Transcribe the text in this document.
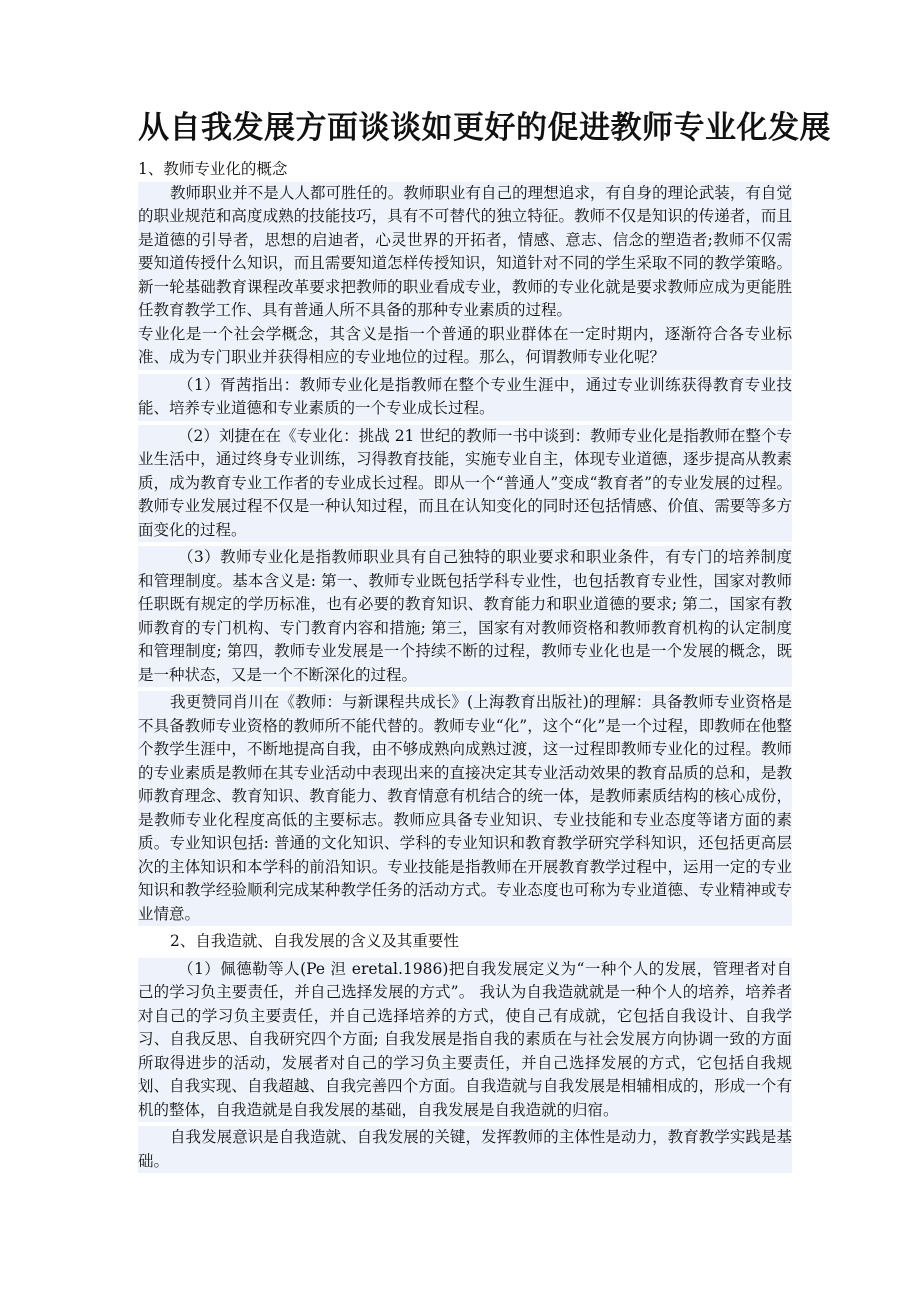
从自我发展方面谈谈如更好的促进教师专业化发展

1、教师专业化的概念

教师职业并不是人人都可胜任的。教师职业有自己的理想追求，有自身的理论武装，有自觉的职业规范和高度成熟的技能技巧，具有不可替代的独立特征。教师不仅是知识的传递者，而且是道德的引导者，思想的启迪者，心灵世界的开拓者，情感、意志、信念的塑造者;教师不仅需要知道传授什么知识，而且需要知道怎样传授知识，知道针对不同的学生采取不同的教学策略。新一轮基础教育课程改革要求把教师的职业看成专业，教师的专业化就是要求教师应成为更能胜任教育教学工作、具有普通人所不具备的那种专业素质的过程。

专业化是一个社会学概念，其含义是指一个普通的职业群体在一定时期内，逐渐符合各专业标准、成为专门职业并获得相应的专业地位的过程。那么，何谓教师专业化呢？

（1）胥茜指出：教师专业化是指教师在整个专业生涯中，通过专业训练获得教育专业技能、培养专业道德和专业素质的一个专业成长过程。

（2）刘捷在在《专业化：挑战 21 世纪的教师一书中谈到：教师专业化是指教师在整个专业生活中，通过终身专业训练，习得教育技能，实施专业自主，体现专业道德，逐步提高从教素质，成为教育专业工作者的专业成长过程。即从一个“普通人”变成“教育者”的专业发展的过程。教师专业发展过程不仅是一种认知过程，而且在认知变化的同时还包括情感、价值、需要等多方面变化的过程。

（3）教师专业化是指教师职业具有自己独特的职业要求和职业条件，有专门的培养制度和管理制度。基本含义是: 第一、教师专业既包括学科专业性，也包括教育专业性，国家对教师任职既有规定的学历标准，也有必要的教育知识、教育能力和职业道德的要求; 第二，国家有教师教育的专门机构、专门教育内容和措施; 第三，国家有对教师资格和教师教育机构的认定制度和管理制度; 第四，教师专业发展是一个持续不断的过程，教师专业化也是一个发展的概念，既是一种状态，又是一个不断深化的过程。

我更赞同肖川在《教师：与新课程共成长》(上海教育出版社)的理解：具备教师专业资格是不具备教师专业资格的教师所不能代替的。教师专业“化”，这个“化”是一个过程，即教师在他整个教学生涯中，不断地提高自我，由不够成熟向成熟过渡，这一过程即教师专业化的过程。教师的专业素质是教师在其专业活动中表现出来的直接决定其专业活动效果的教育品质的总和，是教师教育理念、教育知识、教育能力、教育情意有机结合的统一体，是教师素质结构的核心成份，是教师专业化程度高低的主要标志。教师应具备专业知识、专业技能和专业态度等诸方面的素质。专业知识包括: 普通的文化知识、学科的专业知识和教育教学研究学科知识，还包括更高层次的主体知识和本学科的前沿知识。专业技能是指教师在开展教育教学过程中，运用一定的专业知识和教学经验顺利完成某种教学任务的活动方式。专业态度也可称为专业道德、专业精神或专业情意。

2、自我造就、自我发展的含义及其重要性

（1）佩德勒等人(Pe 泹 eretal.1986)把自我发展定义为“一种个人的发展，管理者对自己的学习负主要责任，并自己选择发展的方式”。 我认为自我造就就是一种个人的培养，培养者对自己的学习负主要责任，并自己选择培养的方式，使自己有成就，它包括自我设计、自我学习、自我反思、自我研究四个方面; 自我发展是指自我的素质在与社会发展方向协调一致的方面所取得进步的活动，发展者对自己的学习负主要责任，并自己选择发展的方式，它包括自我规划、自我实现、自我超越、自我完善四个方面。自我造就与自我发展是相辅相成的，形成一个有机的整体，自我造就是自我发展的基础，自我发展是自我造就的归宿。

自我发展意识是自我造就、自我发展的关键，发挥教师的主体性是动力，教育教学实践是基础。
